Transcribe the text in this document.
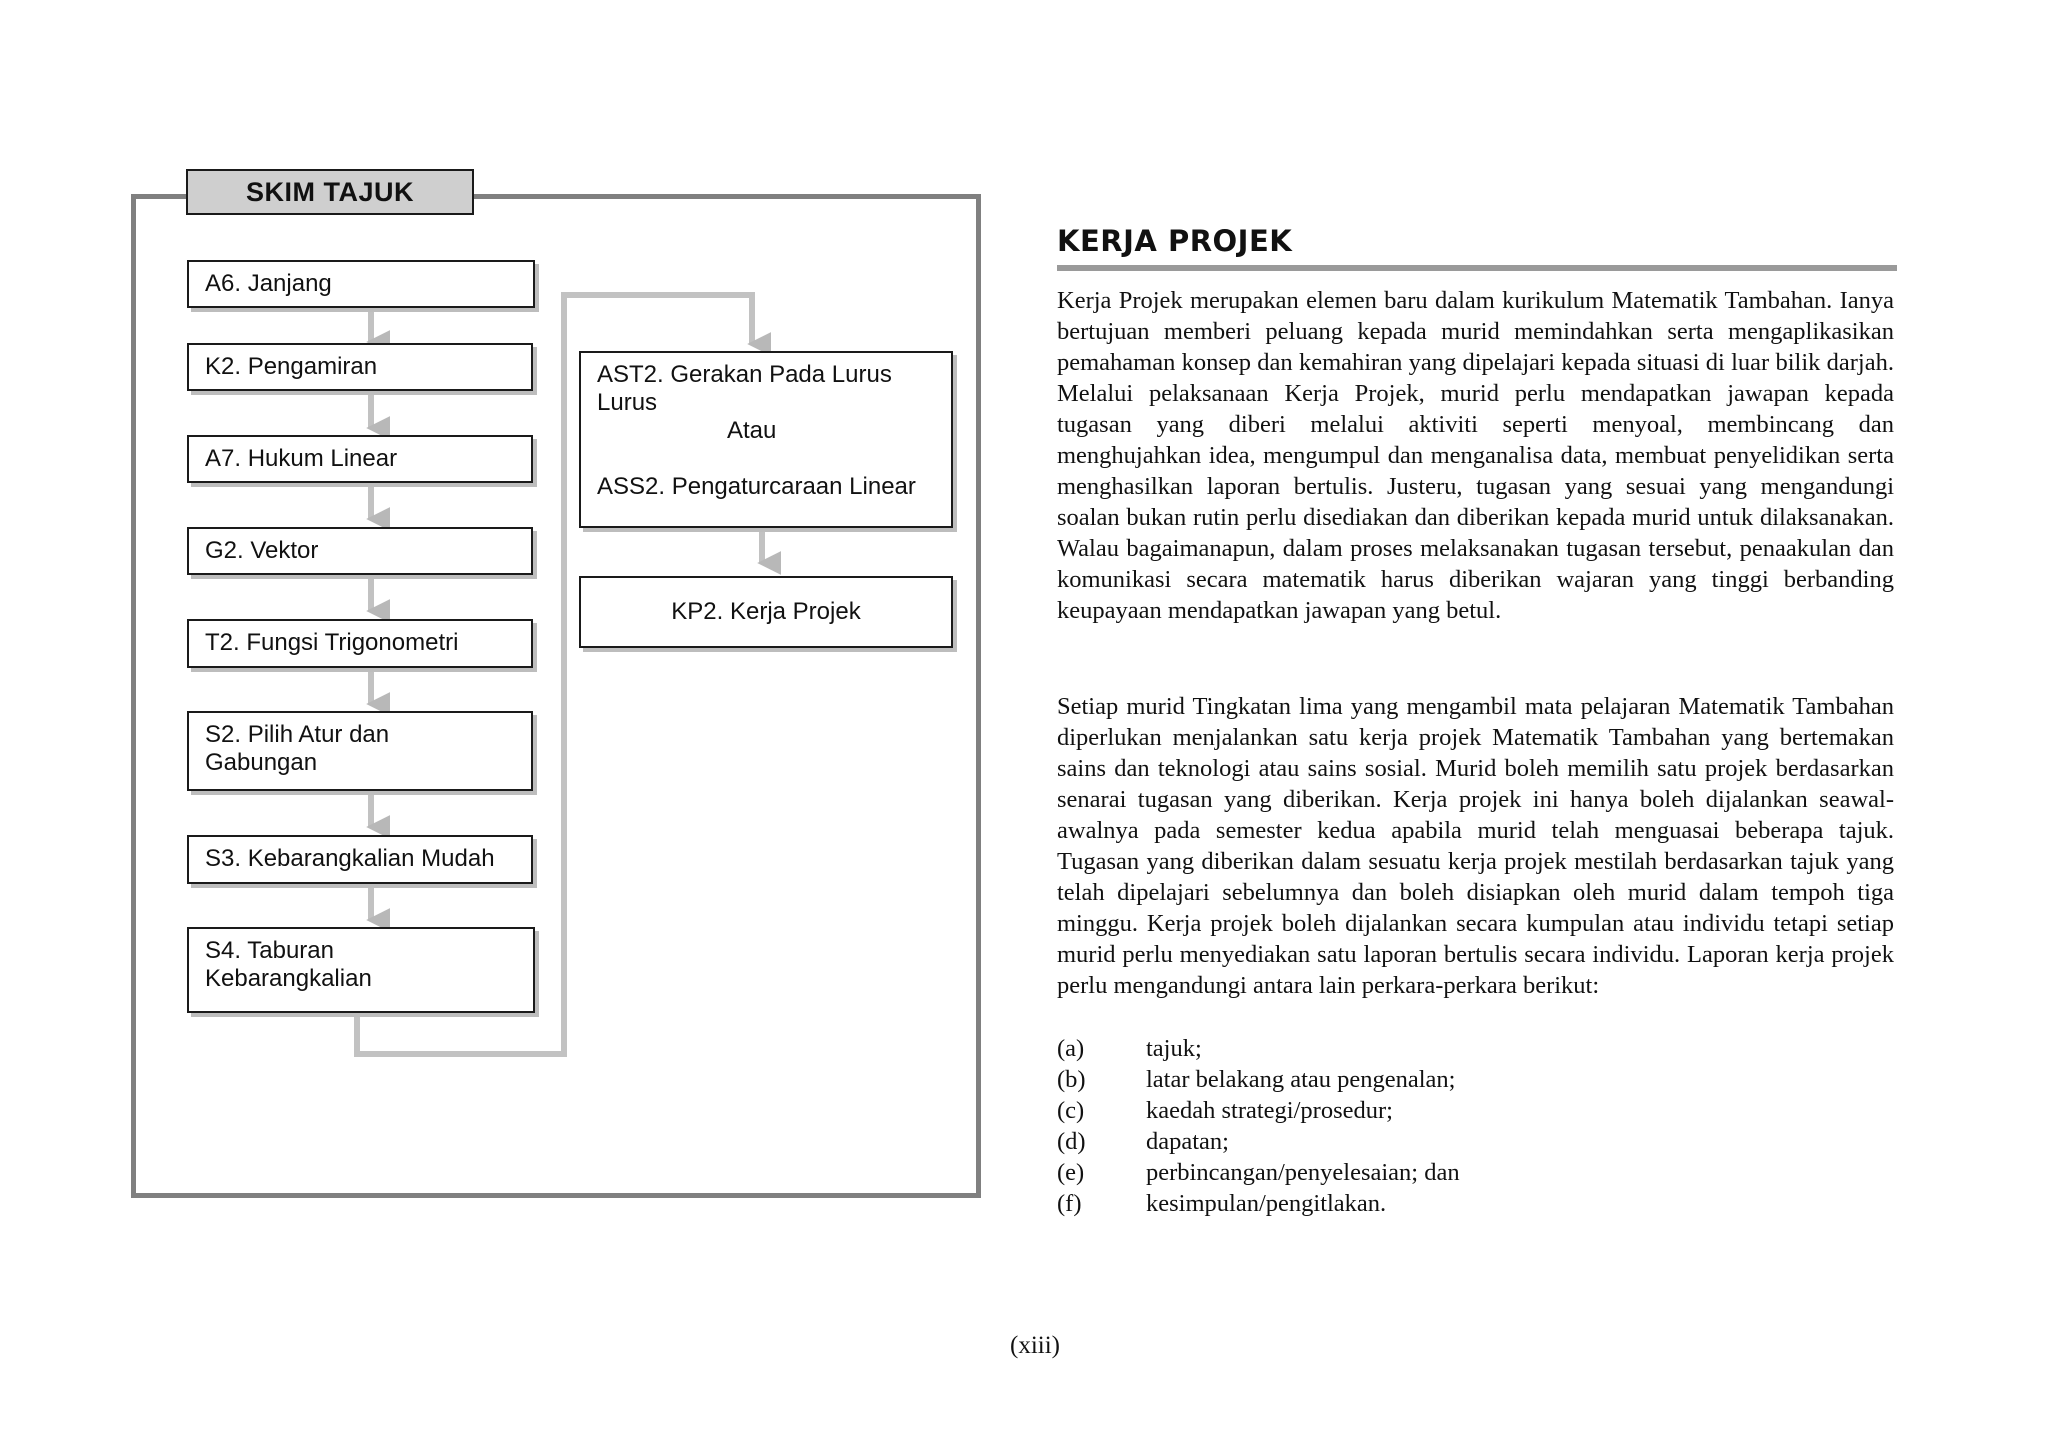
SKIM TAJUK
A6. Janjang
K2. Pengamiran
A7. Hukum Linear
G2. Vektor
T2. Fungsi Trigonometri
S2. Pilih Atur dan
Gabungan
S3. Kebarangkalian Mudah
S4. Taburan
Kebarangkalian
AST2. Gerakan Pada Lurus
Lurus
Atau
ASS2. Pengaturcaraan Linear
KP2. Kerja Projek
KERJA PROJEK

Kerja Projek merupakan elemen baru dalam kurikulum Matematik Tambahan. Ianya bertujuan memberi peluang kepada murid memindahkan serta mengaplikasikan pemahaman konsep dan kemahiran yang dipelajari kepada situasi di luar bilik darjah. Melalui pelaksanaan Kerja Projek, murid perlu mendapatkan jawapan kepada tugasan yang diberi melalui aktiviti seperti menyoal, membincang dan menghujahkan idea, mengumpul dan menganalisa data, membuat penyelidikan serta menghasilkan laporan bertulis. Justeru, tugasan yang sesuai yang mengandungi soalan bukan rutin perlu disediakan dan diberikan kepada murid untuk dilaksanakan. Walau bagaimanapun, dalam proses melaksanakan tugasan tersebut, penaakulan dan komunikasi secara matematik harus diberikan wajaran yang tinggi berbanding keupayaan mendapatkan jawapan yang betul.

Setiap murid Tingkatan lima yang mengambil mata pelajaran Matematik Tambahan diperlukan menjalankan satu kerja projek Matematik Tambahan yang bertemakan sains dan teknologi atau sains sosial. Murid boleh memilih satu projek berdasarkan senarai tugasan yang diberikan. Kerja projek ini hanya boleh dijalankan seawal-awalnya pada semester kedua apabila murid telah menguasai beberapa tajuk. Tugasan yang diberikan dalam sesuatu kerja projek mestilah berdasarkan tajuk yang telah dipelajari sebelumnya dan boleh disiapkan oleh murid dalam tempoh tiga minggu. Kerja projek boleh dijalankan secara kumpulan atau individu tetapi setiap murid perlu menyediakan satu laporan bertulis secara individu. Laporan kerja projek perlu mengandungi antara lain perkara-perkara berikut:

(a)	tajuk;
(b)	latar belakang atau pengenalan;
(c)	kaedah strategi/prosedur;
(d)	dapatan;
(e)	perbincangan/penyelesaian; dan
(f)	kesimpulan/pengitlakan.
(xiii)
